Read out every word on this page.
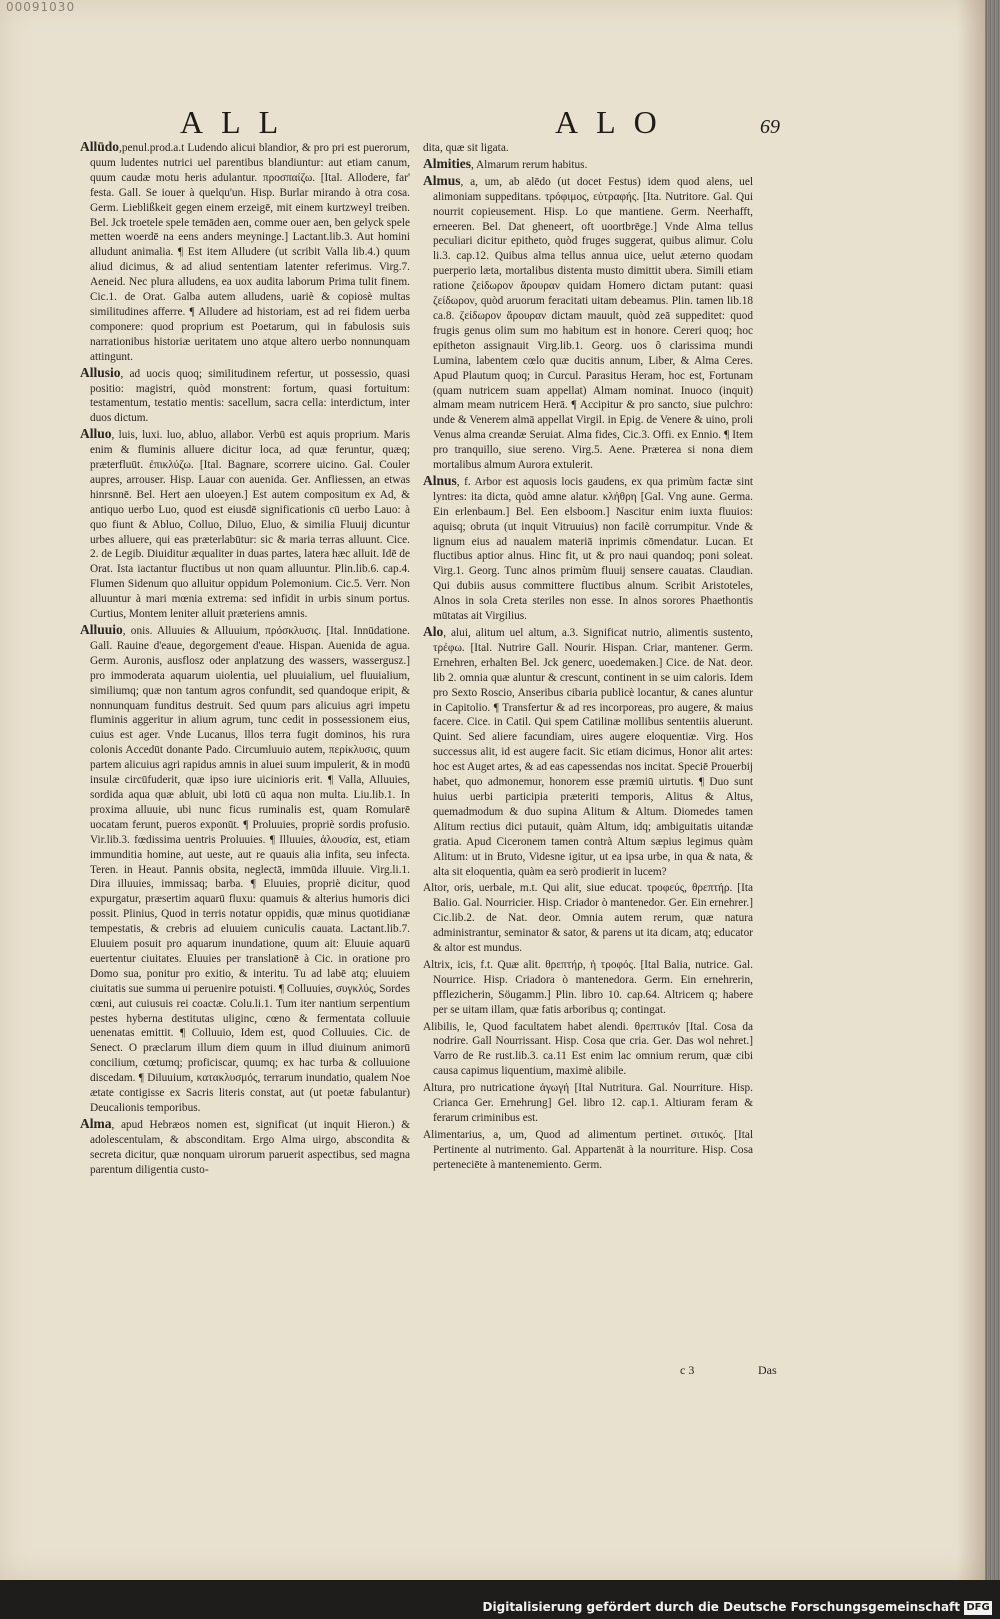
00091030
ALL	ALO	69

Allūdo,penul.prod.a.t Ludendo alicui blandior, & pro pri est puerorum, quum ludentes nutrici uel parentibus blandiuntur: aut etiam canum, quum caudæ motu heris adulantur. προσπαίζω. [Ital. Allodere, far' festa. Gall. Se iouer à quelqu'un. Hisp. Burlar mirando à otra cosa. Germ. Lieblißkeit gegen einem erzeigē, mit einem kurtzweyl treiben. Bel. Jck troetele spele temāden aen, comme ouer aen, ben gelyck spele metten woerdē na eens anders meyninge.] Lactant.lib.3. Aut homini alludunt animalia. ¶ Est item Alludere (ut scribit Valla lib.4.) quum aliud dicimus, & ad aliud sententiam latenter referimus. Virg.7. Aeneid. Nec plura alludens, ea uox audita laborum Prima tulit finem. Cic.1. de Orat. Galba autem alludens, uariè & copiosè multas similitudines afferre. ¶ Alludere ad historiam, est ad rei fidem uerba componere: quod proprium est Poetarum, qui in fabulosis suis narrationibus historiæ ueritatem uno atque altero uerbo nonnunquam attingunt.

Allusio, ad uocis quoq; similitudinem refertur, ut possessio, quasi positio: magistri, quòd monstrent: fortum, quasi fortuitum: testamentum, testatio mentis: sacellum, sacra cella: interdictum, inter duos dictum.

Alluo, luis, luxi. luo, abluo, allabor. Verbū est aquis proprium. Maris enim & fluminis alluere dicitur loca, ad quæ feruntur, quæq; præterfluūt. ἐπικλύζω. [Ital. Bagnare, scorrere uicino. Gal. Couler aupres, arrouser. Hisp. Lauar con auenida. Ger. Anfliessen, an etwas hinrsnnē. Bel. Hert aen uloeyen.] Est autem compositum ex Ad, & antiquo uerbo Luo, quod est eiusdē significationis cū uerbo Lauo: à quo fiunt & Abluo, Colluo, Diluo, Eluo, & similia Fluuij dicuntur urbes alluere, qui eas præterlabūtur: sic & maria terras alluunt. Cice. 2. de Legib. Diuiditur æqualiter in duas partes, latera hæc alluit. Idē de Orat. Ista iactantur fluctibus ut non quam alluuntur. Plin.lib.6. cap.4. Flumen Sidenum quo alluitur oppidum Polemonium. Cic.5. Verr. Non alluuntur à mari mœnia extrema: sed infidit in urbis sinum portus. Curtius, Montem leniter alluit præteriens amnis.

Alluuio, onis. Alluuies & Alluuium, πρόσκλυσις. [Ital. Innūdatione. Gall. Rauine d'eaue, degorgement d'eaue. Hispan. Auenida de agua. Germ. Auronis, ausflosz oder anplatzung des wassers, wassergusz.] pro immoderata aquarum uiolentia, uel pluuialium, uel fluuialium, similiumq; quæ non tantum agros confundit, sed quandoque eripit, & nonnunquam funditus destruit. Sed quum pars alicuius agri impetu fluminis aggeritur in alium agrum, tunc cedit in possessionem eius, cuius est ager. Vnde Lucanus, lllos terra fugit dominos, his rura colonis Accedūt donante Pado. Circumluuio autem, περίκλυσις, quum partem alicuius agri rapidus amnis in aluei suum impulerit, & in modū insulæ circūfuderit, quæ ipso iure uicinioris erit. ¶ Valla, Alluuies, sordida aqua quæ abluit, ubi lotū cū aqua non multa. Liu.lib.1. In proxima alluuie, ubi nunc ficus ruminalis est, quam Romularē uocatam ferunt, pueros exponūt. ¶ Proluuies, propriè sordis profusio. Vir.lib.3. fœdissima uentris Proluuies. ¶ Illuuies, ἀλουσία, est, etiam immunditia homine, aut ueste, aut re quauis alia infita, seu infecta. Teren. in Heaut. Pannis obsita, neglectā, immūda illuuie. Virg.li.1. Dira illuuies, immissaq; barba. ¶ Eluuies, propriè dicitur, quod expurgatur, præsertim aquarū fluxu: quamuis & alterius humoris dici possit. Plinius, Quod in terris notatur oppidis, quæ minus quotidianæ tempestatis, & crebris ad eluuiem cuniculis cauata. Lactant.lib.7. Eluuiem posuit pro aquarum inundatione, quum ait: Eluuie aquarū euertentur ciuitates. Eluuies per translationē à Cic. in oratione pro Domo sua, ponitur pro exitio, & interitu. Tu ad labē atq; eluuiem ciuitatis sue summa ui peruenire potuisti. ¶ Colluuies, συγκλύς, Sordes cœni, aut cuiusuis rei coactæ. Colu.li.1. Tum iter nantium serpentium pestes hyberna destitutas uliginc, cœno & fermentata colluuie uenenatas emittit. ¶ Colluuio, Idem est, quod Colluuies. Cic. de Senect. O præclarum illum diem quum in illud diuinum animorū concilium, cœtumq; proficiscar, quumq; ex hac turba & colluuione discedam. ¶ Diluuium, κατακλυσμός, terrarum inundatio, qualem Noe ætate contigisse ex Sacris literis constat, aut (ut poetæ fabulantur) Deucalionis temporibus.

Alma, apud Hebræos nomen est, significat (ut inquit Hieron.) & adolescentulam, & absconditam. Ergo Alma uirgo, abscondita & secreta dicitur, quæ nonquam uirorum paruerit aspectibus, sed magna parentum diligentia custo-

dita, quæ sit ligata.

Almities, Almarum rerum habitus.

Almus, a, um, ab alēdo (ut docet Festus) idem quod alens, uel alimoniam suppeditans. τρόφιμος, εὐτραφής. [Ita. Nutritore. Gal. Qui nourrit copieusement. Hisp. Lo que mantiene. Germ. Neerhafft, erneeren. Bel. Dat gheneert, oft uoortbrēge.] Vnde Alma tellus peculiari dicitur epitheto, quòd fruges suggerat, quibus alimur. Colu li.3. cap.12. Quibus alma tellus annua uice, uelut æterno quodam puerperio læta, mortalibus distenta musto dimittit ubera. Simili etiam ratione ζείδωρον ἄρουραν quidam Homero dictam putant: quasi ζείδωρον, quòd aruorum feracitati uitam debeamus. Plin. tamen lib.18 ca.8. ζείδωρον ἄρουραν dictam mauult, quòd zeā suppeditet: quod frugis genus olim sum mo habitum est in honore. Cereri quoq; hoc epitheton assignauit Virg.lib.1. Georg. uos ô clarissima mundi Lumina, labentem cœlo quæ ducitis annum, Liber, & Alma Ceres. Apud Plautum quoq; in Curcul. Parasitus Heram, hoc est, Fortunam (quam nutricem suam appellat) Almam nominat. Inuoco (inquit) almam meam nutricem Herā. ¶ Accipitur & pro sancto, siue pulchro: unde & Venerem almā appellat Virgil. in Epig. de Venere & uino, proli Venus alma creandæ Seruiat. Alma fides, Cic.3. Offi. ex Ennio. ¶ Item pro tranquillo, siue sereno. Virg.5. Aene. Præterea si nona diem mortalibus almum Aurora extulerit.

Alnus, f. Arbor est aquosis locis gaudens, ex qua primùm factæ sint lyntres: ita dicta, quòd amne alatur. κλήθρη [Gal. Vng aune. Germa. Ein erlenbaum.] Bel. Een elsboom.] Nascitur enim iuxta fluuios: aquisq; obruta (ut inquit Vitruuius) non facilè corrumpitur. Vnde & lignum eius ad naualem materiā inprimis cōmendatur. Lucan. Et fluctibus aptior alnus. Hinc fit, ut & pro naui quandoq; poni soleat. Virg.1. Georg. Tunc alnos primùm fluuij sensere cauatas. Claudian. Qui dubiis ausus committere fluctibus alnum. Scribit Aristoteles, Alnos in sola Creta steriles non esse. In alnos sorores Phaethontis mūtatas ait Virgilius.

Alo, alui, alitum uel altum, a.3. Significat nutrio, alimentis sustento, τρέφω. [Ital. Nutrire Gall. Nourir. Hispan. Criar, mantener. Germ. Ernehren, erhalten Bel. Jck generc, uoedemaken.] Cice. de Nat. deor. lib 2. omnia quæ aluntur & crescunt, continent in se uim caloris. Idem pro Sexto Roscio, Anseribus cibaria publicè locantur, & canes aluntur in Capitolio. ¶ Transfertur & ad res incorporeas, pro augere, & maius facere. Cice. in Catil. Qui spem Catilinæ mollibus sententiis aluerunt. Quint. Sed aliere facundiam, uires augere eloquentiæ. Virg. Hos successus alit, id est augere facit. Sic etiam dicimus, Honor alit artes: hoc est Auget artes, & ad eas capessendas nos incitat. Speciē Prouerbij habet, quo admonemur, honorem esse præmiū uirtutis. ¶ Duo sunt huius uerbi participia præteriti temporis, Alitus & Altus, quemadmodum & duo supina Alitum & Altum. Diomedes tamen Alitum rectius dici putauit, quàm Altum, idq; ambiguitatis uitandæ gratia. Apud Ciceronem tamen contrà Altum sæpius legimus quàm Alitum: ut in Bruto, Videsne igitur, ut ea ipsa urbe, in qua & nata, & alta sit eloquentia, quàm ea serò prodierit in lucem?

Altor, oris, uerbale, m.t. Qui alit, siue educat. τροφεύς, θρεπτήρ. [Ita Balio. Gal. Nourricier. Hisp. Criador ò mantenedor. Ger. Ein ernehrer.] Cic.lib.2. de Nat. deor. Omnia autem rerum, quæ natura administrantur, seminator & sator, & parens ut ita dicam, atq; educator & altor est mundus.

Altrix, icis, f.t. Quæ alit. θρεπτήρ, ἡ τροφός. [Ital Balia, nutrice. Gal. Nourrice. Hisp. Criadora ò mantenedora. Germ. Ein ernehrerin, pfflezicherin, Söugamm.] Plin. libro 10. cap.64. Altricem q; habere per se uitam illam, quæ fatis arboribus q; contingat.

Alibilis, le, Quod facultatem habet alendi. θρεπτικόν [Ital. Cosa da nodrire. Gall Nourrissant. Hisp. Cosa que cria. Ger. Das wol nehret.] Varro de Re rust.lib.3. ca.11 Est enim lac omnium rerum, quæ cibi causa capimus liquentium, maximè alibile.

Altura, pro nutricatione ἀγωγή [Ital Nutritura. Gal. Nourriture. Hisp. Crianca Ger. Ernehrung] Gel. libro 12. cap.1. Altiuram feram & ferarum criminibus est.

Alimentarius, a, um, Quod ad alimentum pertinet. σιτικός. [Ital Pertinente al nutrimento. Gal. Appartenāt à la nourriture. Hisp. Cosa perteneciēte à mantenemiento. Germ.

c 3	Das
Digitalisierung gefördert durch die Deutsche Forschungsgemeinschaft DFG
